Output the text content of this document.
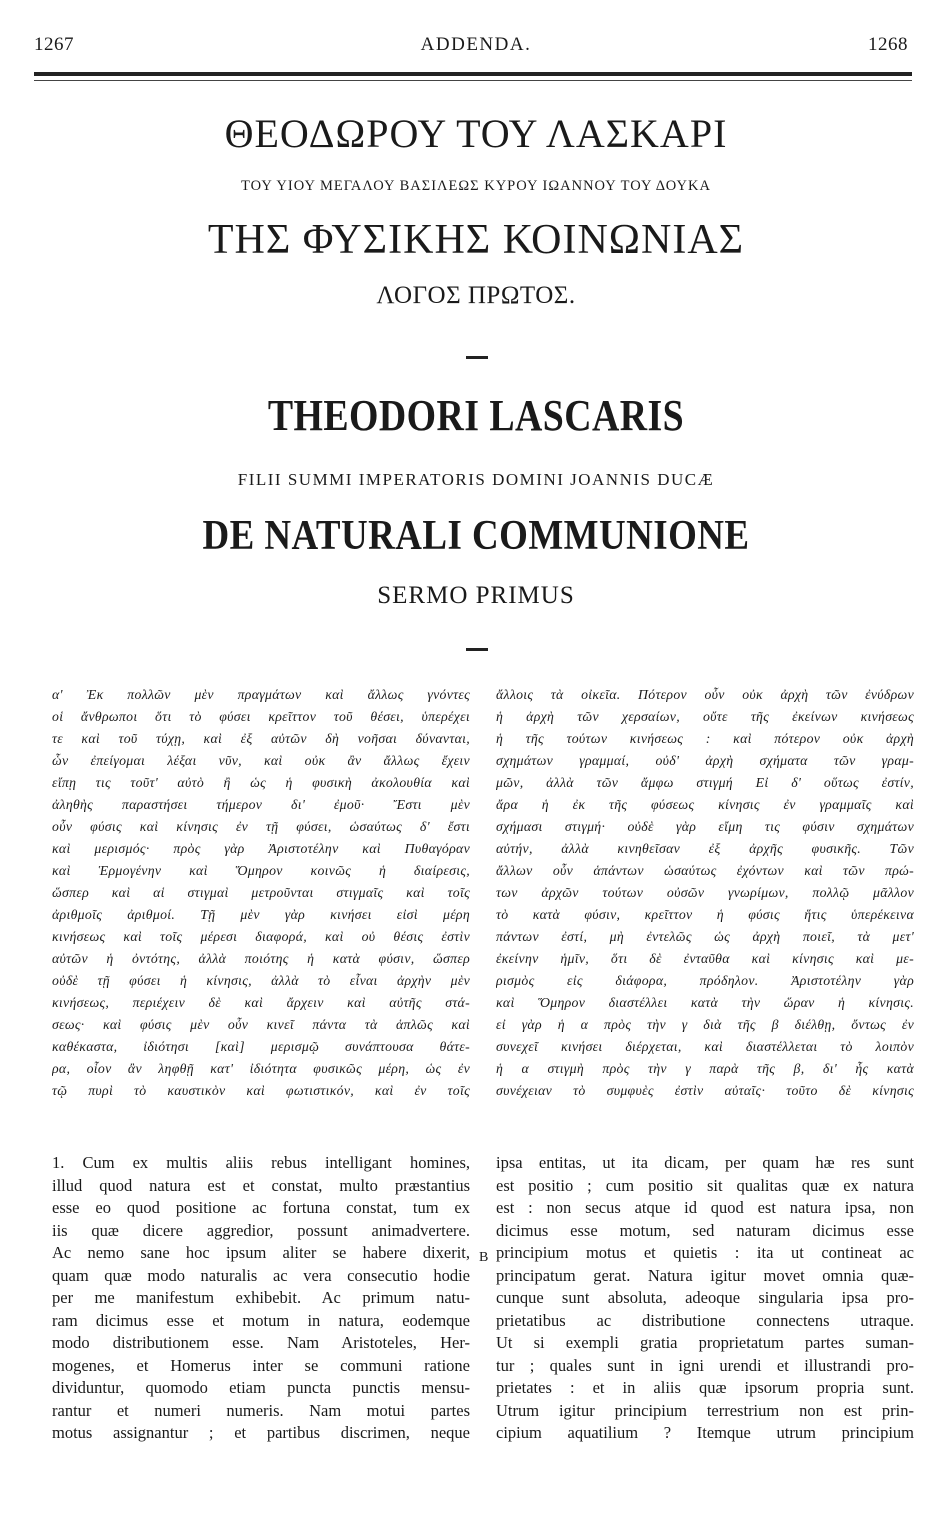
1267	ADDENDA.	1268
ΘΕΟΔΩΡΟΥ ΤΟΥ ΛΑΣΚΑΡΙ
ΤΟΥ ΥΙΟΥ ΜΕΓΑΛΟΥ ΒΑΣΙΛΕΩΣ ΚΥΡΟΥ ΙΩΑΝΝΟΥ ΤΟΥ ΔΟΥΚΑ
ΤΗΣ ΦΥΣΙΚΗΣ ΚΟΙΝΩΝΙΑΣ
ΛΟΓΟΣ ΠΡΩΤΟΣ.
THEODORI LASCARIS
FILII SUMMI IMPERATORIS DOMINI JOANNIS DUCÆ
DE NATURALI COMMUNIONE
SERMO PRIMUS
α' Ἐκ πολλῶν μὲν πραγμάτων καὶ ἄλλως γνόντες
οἱ ἄνθρωποι ὅτι τὸ φύσει κρεῖττον τοῦ θέσει, ὑπερέχει
τε καὶ τοῦ τύχῃ, καὶ ἐξ αὐτῶν δὴ νοῆσαι δύνανται,
ὧν ἐπείγομαι λέξαι νῦν, καὶ οὐκ ἂν ἄλλως ἔχειν
εἴπῃ τις τοῦτ' αὐτὸ ἢ ὡς ἡ φυσικὴ ἀκολουθία καὶ
ἀληθὴς παραστήσει τήμερον δι' ἐμοῦ· Ἔστι μὲν
οὖν φύσις καὶ κίνησις ἐν τῇ φύσει, ὡσαύτως δ' ἔστι
καὶ μερισμός· πρὸς γὰρ Ἀριστοτέλην καὶ Πυθαγόραν
καὶ Ἑρμογένην καὶ Ὅμηρον κοινῶς ἡ διαίρεσις,
ὥσπερ καὶ αἱ στιγμαὶ μετροῦνται στιγμαῖς καὶ τοῖς
ἀριθμοῖς ἀριθμοί. Τῇ μὲν γὰρ κινήσει εἰσὶ μέρη
κινήσεως καὶ τοῖς μέρεσι διαφορά, καὶ οὐ θέσις ἐστὶν
αὐτῶν ἡ ὀντότης, ἀλλὰ ποιότης ἡ κατὰ φύσιν, ὥσπερ
οὐδὲ τῇ φύσει ἡ κίνησις, ἀλλὰ τὸ εἶναι ἀρχὴν μὲν
κινήσεως, περιέχειν δὲ καὶ ἄρχειν καὶ αὐτῆς στά-
σεως· καὶ φύσις μὲν οὖν κινεῖ πάντα τὰ ἁπλῶς καὶ
καθέκαστα, ἰδιότησι [καὶ] μερισμῷ συνάπτουσα θάτε-
ρα, οἷον ἂν ληφθῇ κατ' ἰδιότητα φυσικῶς μέρη, ὡς ἐν
τῷ πυρὶ τὸ καυστικὸν καὶ φωτιστικόν, καὶ ἐν τοῖς
ἄλλοις τὰ οἰκεῖα. Πότερον οὖν οὐκ ἀρχὴ τῶν ἐνύδρων
ἡ ἀρχὴ τῶν χερσαίων, οὔτε τῆς ἐκείνων κινήσεως
ἡ τῆς τούτων κινήσεως : καὶ πότερον οὐκ ἀρχὴ
σχημάτων γραμμαί, οὐδ' ἀρχὴ σχήματα τῶν γραμ-
μῶν, ἀλλὰ τῶν ἄμφω στιγμή Εἰ δ' οὕτως ἐστίν,
ἄρα ἡ ἐκ τῆς φύσεως κίνησις ἐν γραμμαῖς καὶ
σχήμασι στιγμή· οὐδὲ γὰρ εἴμη τις φύσιν σχημάτων
αὐτήν, ἀλλὰ κινηθεῖσαν ἐξ ἀρχῆς φυσικῆς. Τῶν
ἄλλων οὖν ἁπάντων ὡσαύτως ἐχόντων καὶ τῶν πρώ-
των ἀρχῶν τούτων οὐσῶν γνωρίμων, πολλῷ μᾶλλον
τὸ κατὰ φύσιν, κρεῖττον ἡ φύσις ἥτις ὑπερέκεινα
πάντων ἐστί, μὴ ἐντελῶς ὡς ἀρχὴ ποιεῖ, τὰ μετ'
ἐκείνην ἡμῖν, ὅτι δὲ ἐνταῦθα καὶ κίνησις καὶ με-
ρισμὸς εἰς διάφορα, πρόδηλον. Ἀριστοτέλην γὰρ
καὶ Ὅμηρον διαστέλλει κατὰ τὴν ὥραν ἡ κίνησις.
εἰ γὰρ ἡ α πρὸς τὴν γ διὰ τῆς β διέλθῃ, ὄντως ἐν
συνεχεῖ κινήσει διέρχεται, καὶ διαστέλλεται τὸ λοιπὸν
ἡ α στιγμὴ πρὸς τὴν γ παρὰ τῆς β, δι' ἧς κατὰ
συνέχειαν τὸ συμφυὲς ἐστὶν αὐταῖς· τοῦτο δὲ κίνησις
1. Cum ex multis aliis rebus intelligant homines,
illud quod natura est et constat, multo præstantius
esse eo quod positione ac fortuna constat, tum ex
iis quæ dicere aggredior, possunt animadvertere.
Ac nemo sane hoc ipsum aliter se habere dixerit,
quam quæ modo naturalis ac vera consecutio hodie
per me manifestum exhibebit. Ac primum natu-
ram dicimus esse et motum in natura, eodemque
modo distributionem esse. Nam Aristoteles, Her-
mogenes, et Homerus inter se communi ratione
dividuntur, quomodo etiam puncta punctis mensu-
rantur et numeri numeris. Nam motui partes
motus assignantur ; et partibus discrimen, neque
ipsa entitas, ut ita dicam, per quam hæ res sunt
est positio ; cum positio sit qualitas quæ ex natura
est : non secus atque id quod est natura ipsa, non
dicimus esse motum, sed naturam dicimus esse
principium motus et quietis : ita ut contineat ac
principatum gerat. Natura igitur movet omnia quæ-
cunque sunt absoluta, adeoque singularia ipsa pro-
prietatibus ac distributione connectens utraque.
Ut si exempli gratia proprietatum partes suman-
tur ; quales sunt in igni urendi et illustrandi pro-
prietates : et in aliis quæ ipsorum propria sunt.
Utrum igitur principium terrestrium non est prin-
cipium aquatilium ? Itemque utrum principium
B
